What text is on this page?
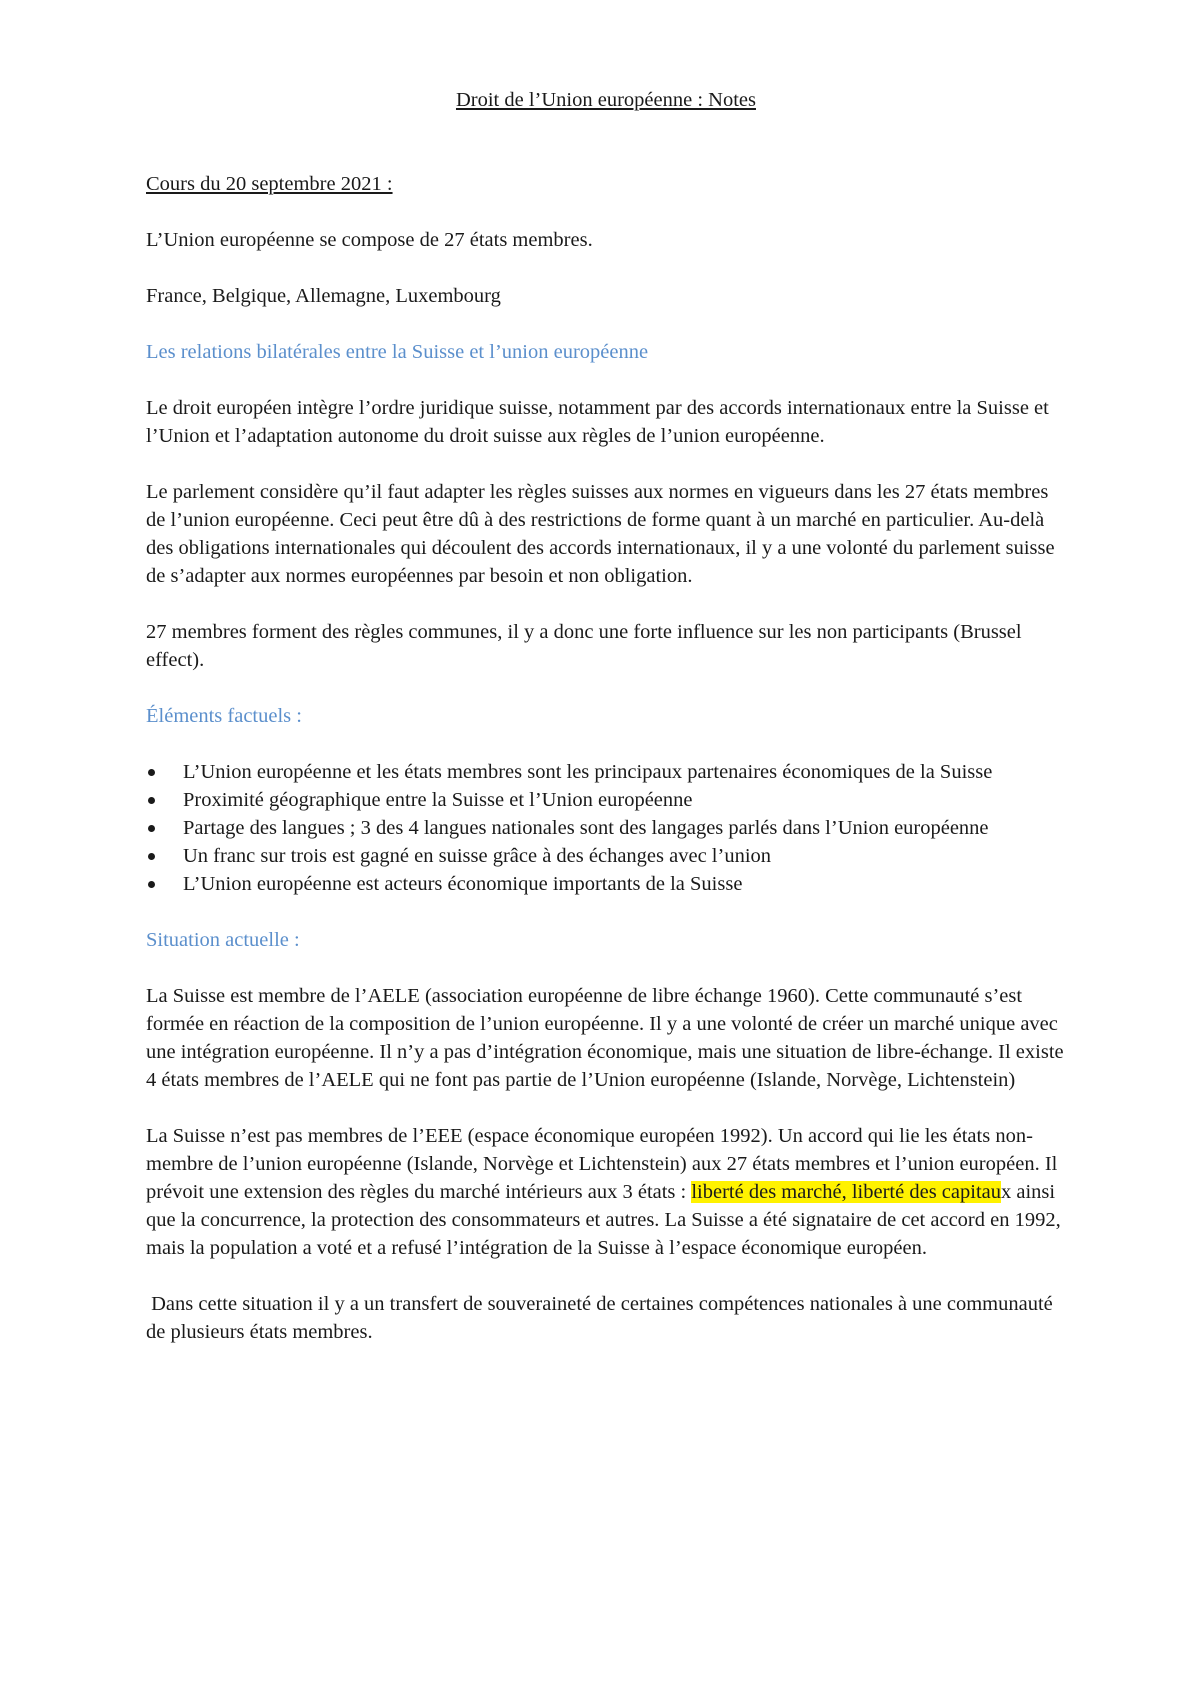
Droit de l’Union européenne : Notes

Cours du 20 septembre 2021 :

L’Union européenne se compose de 27 états membres.

France, Belgique, Allemagne, Luxembourg

Les relations bilatérales entre la Suisse et l’union européenne

Le droit européen intègre l’ordre juridique suisse, notamment par des accords internationaux entre la Suisse et l’Union et l’adaptation autonome du droit suisse aux règles de l’union européenne.

Le parlement considère qu’il faut adapter les règles suisses aux normes en vigueurs dans les 27 états membres de l’union européenne. Ceci peut être dû à des restrictions de forme quant à un marché en particulier. Au-delà des obligations internationales qui découlent des accords internationaux, il y a une volonté du parlement suisse de s’adapter aux normes européennes par besoin et non obligation.

27 membres forment des règles communes, il y a donc une forte influence sur les non participants (Brussel effect).

Éléments factuels :
L’Union européenne et les états membres sont les principaux partenaires économiques de la Suisse
Proximité géographique entre la Suisse et l’Union européenne
Partage des langues ; 3 des 4 langues nationales sont des langages parlés dans l’Union européenne
Un franc sur trois est gagné en suisse grâce à des échanges avec l’union
L’Union européenne est acteurs économique importants de la Suisse
Situation actuelle :

La Suisse est membre de l’AELE (association européenne de libre échange 1960). Cette communauté s’est formée en réaction de la composition de l’union européenne. Il y a une volonté de créer un marché unique avec une intégration européenne. Il n’y a pas d’intégration économique, mais une situation de libre-échange. Il existe 4 états membres de l’AELE qui ne font pas partie de l’Union européenne (Islande, Norvège, Lichtenstein)

La Suisse n’est pas membres de l’EEE (espace économique européen 1992). Un accord qui lie les états non-membre de l’union européenne (Islande, Norvège et Lichtenstein) aux 27 états membres et l’union européen. Il prévoit une extension des règles du marché intérieurs aux 3 états : liberté des marché, liberté des capitaux ainsi que la concurrence, la protection des consommateurs et autres. La Suisse a été signataire de cet accord en 1992, mais la population a voté et a refusé l’intégration de la Suisse à l’espace économique européen.

Dans cette situation il y a un transfert de souveraineté de certaines compétences nationales à une communauté de plusieurs états membres.
